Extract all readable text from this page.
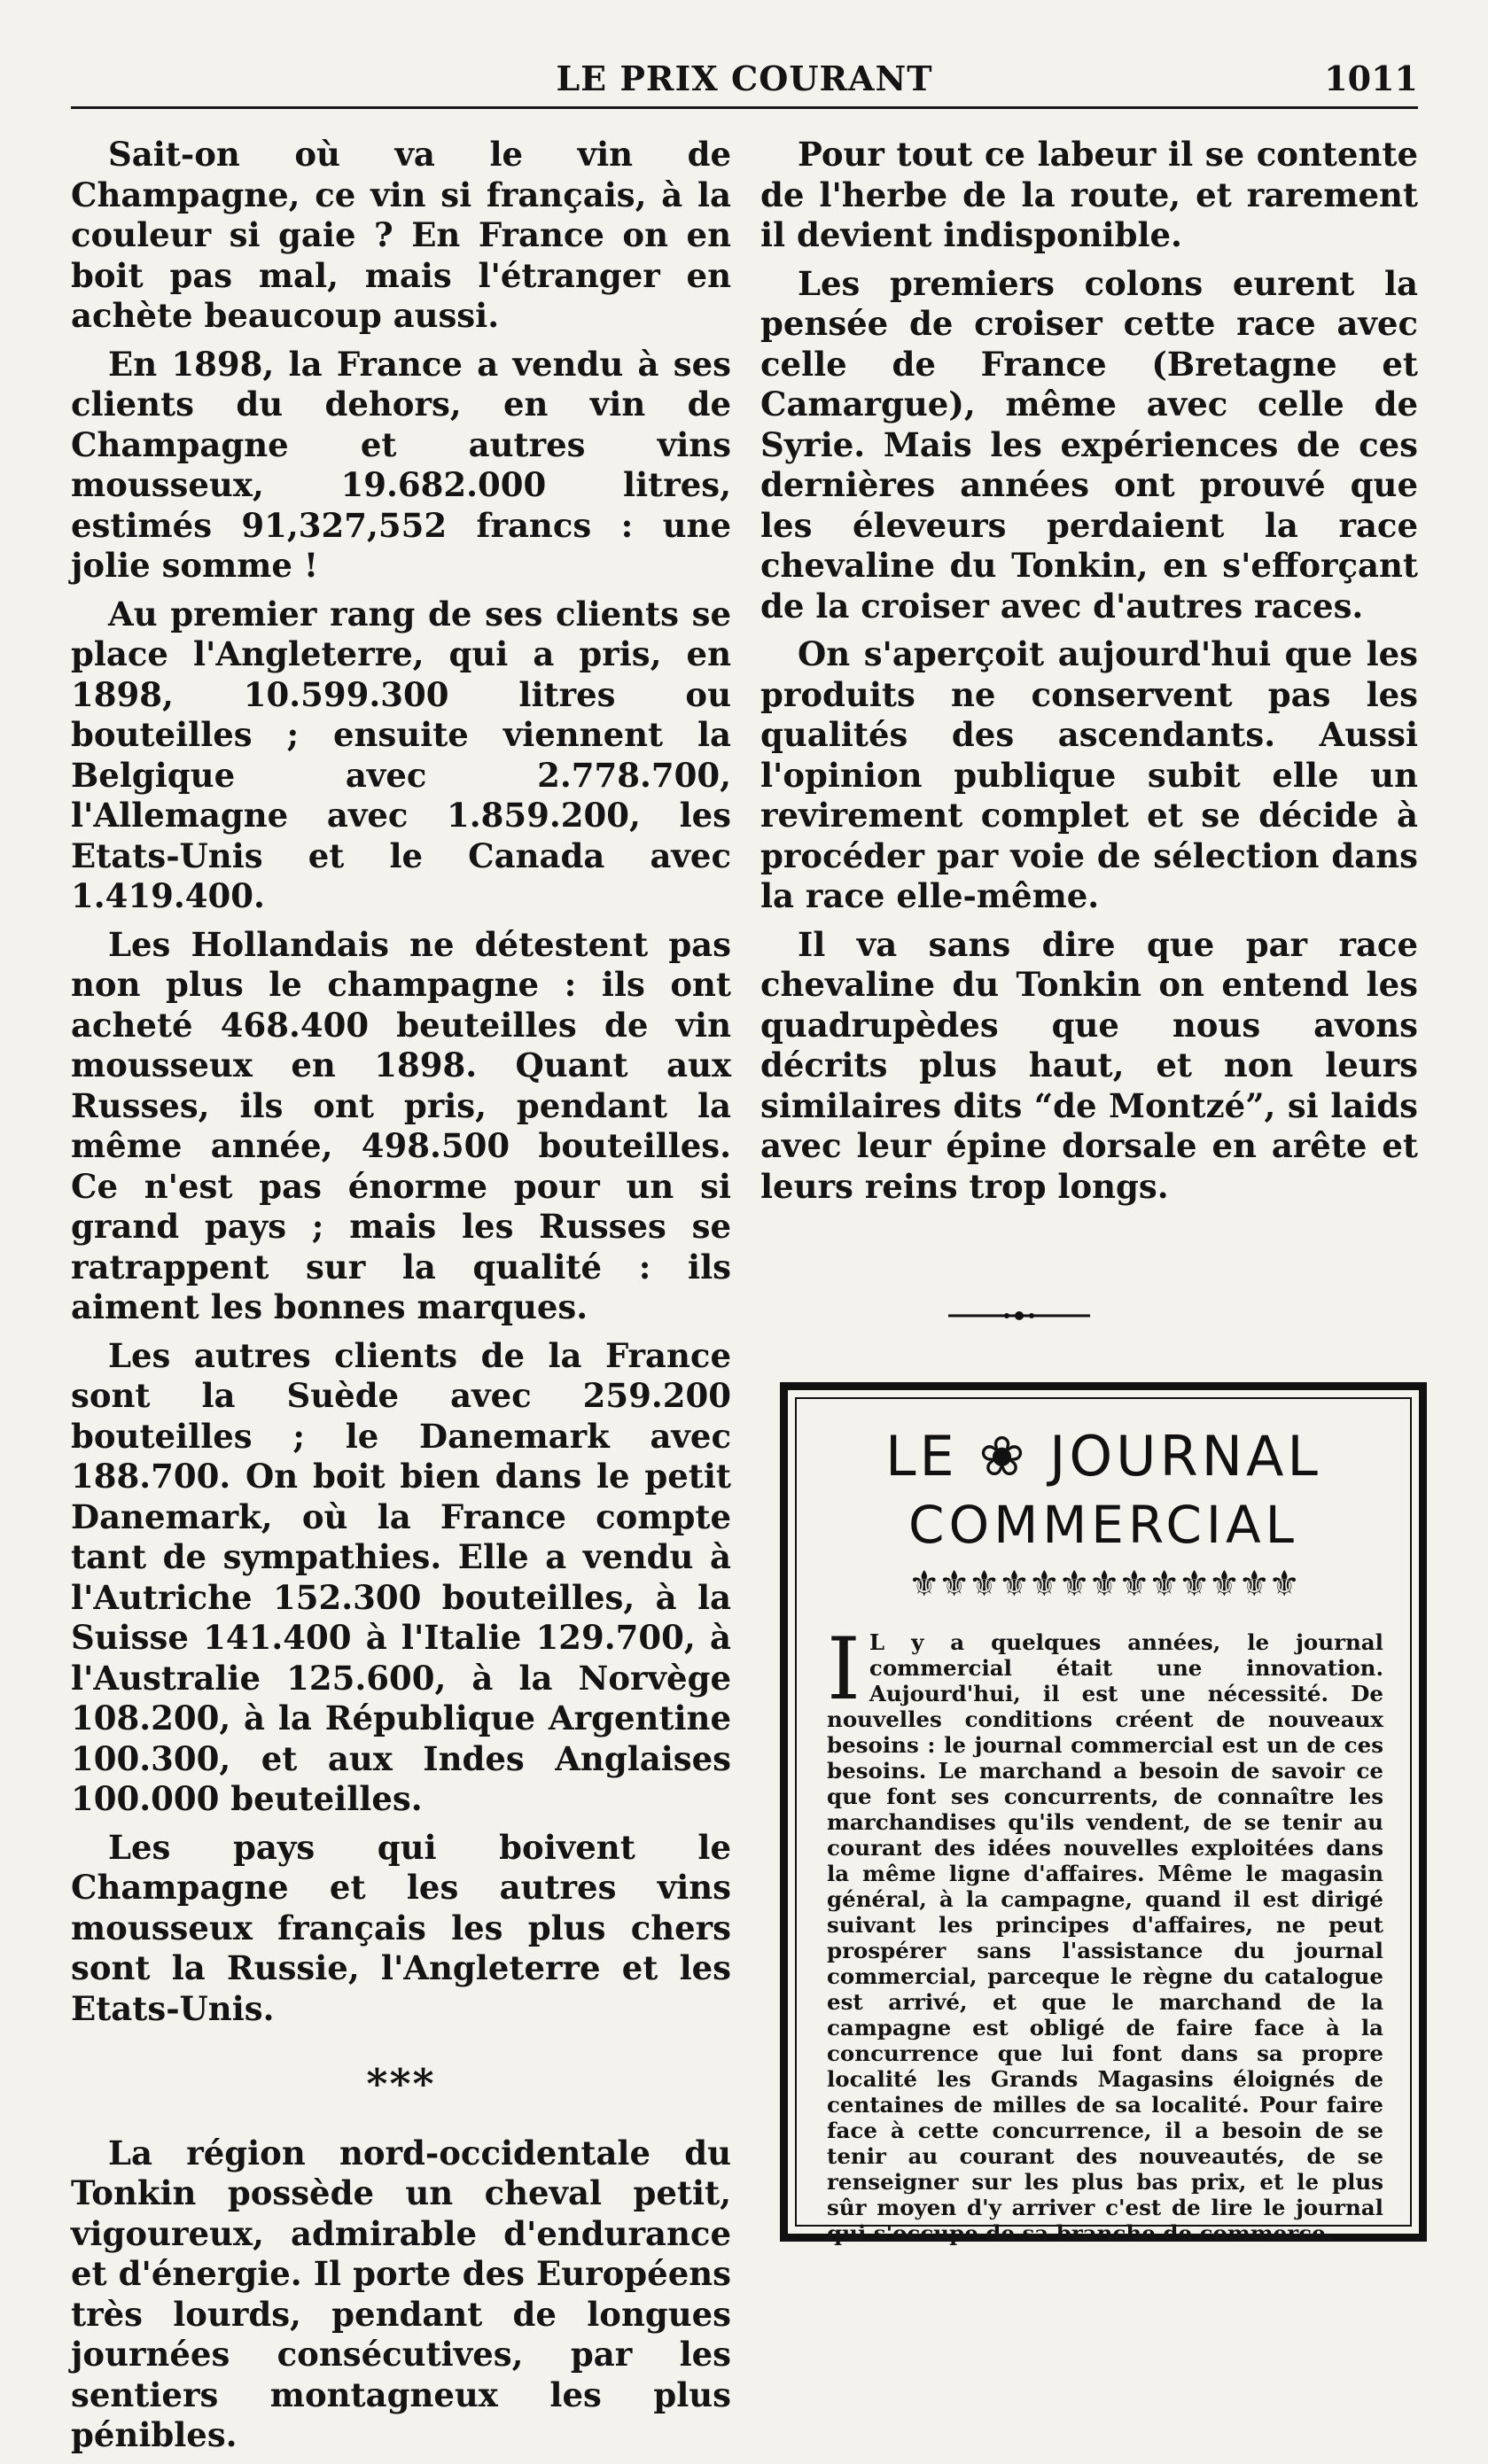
LE PRIX COURANT	1011

Sait-on où va le vin de Champagne, ce vin si français, à la couleur si gaie ? En France on en boit pas mal, mais l'étranger en achète beaucoup aussi.

En 1898, la France a vendu à ses clients du dehors, en vin de Champagne et autres vins mousseux, 19.682.000 litres, estimés 91,327,552 francs : une jolie somme !

Au premier rang de ses clients se place l'Angleterre, qui a pris, en 1898, 10.599.300 litres ou bouteilles ; ensuite viennent la Belgique avec 2.778.700, l'Allemagne avec 1.859.200, les Etats-Unis et le Canada avec 1.419.400.

Les Hollandais ne détestent pas non plus le champagne : ils ont acheté 468.400 beuteilles de vin mousseux en 1898. Quant aux Russes, ils ont pris, pendant la même année, 498.500 bouteilles. Ce n'est pas énorme pour un si grand pays ; mais les Russes se ratrappent sur la qualité : ils aiment les bonnes marques.

Les autres clients de la France sont la Suède avec 259.200 bouteilles ; le Danemark avec 188.700. On boit bien dans le petit Danemark, où la France compte tant de sympathies. Elle a vendu à l'Autriche 152.300 bouteilles, à la Suisse 141.400 à l'Italie 129.700, à l'Australie 125.600, à la Norvège 108.200, à la République Argentine 100.300, et aux Indes Anglaises 100.000 beuteilles.

Les pays qui boivent le Champagne et les autres vins mousseux français les plus chers sont la Russie, l'Angleterre et les Etats-Unis.

***

La région nord-occidentale du Tonkin possède un cheval petit, vigoureux, admirable d'endurance et d'énergie. Il porte des Européens très lourds, pendant de longues journées consécutives, par les sentiers montagneux les plus pénibles.

Pour tout ce labeur il se contente de l'herbe de la route, et rarement il devient indisponible.

Les premiers colons eurent la pensée de croiser cette race avec celle de France (Bretagne et Camargue), même avec celle de Syrie. Mais les expériences de ces dernières années ont prouvé que les éleveurs perdaient la race chevaline du Tonkin, en s'efforçant de la croiser avec d'autres races.

On s'aperçoit aujourd'hui que les produits ne conservent pas les qualités des ascendants. Aussi l'opinion publique subit elle un revirement complet et se décide à procéder par voie de sélection dans la race elle-même.

Il va sans dire que par race chevaline du Tonkin on entend les quadrupèdes que nous avons décrits plus haut, et non leurs similaires dits “de Montzé”, si laids avec leur épine dorsale en arête et leurs reins trop longs.

LE ❀ JOURNAL
COMMERCIAL
⚜⚜⚜⚜⚜⚜⚜⚜⚜⚜⚜⚜⚜
I L y a quelques années, le journal commercial était une innovation. Aujourd'hui, il est une nécessité. De nouvelles conditions créent de nouveaux besoins : le journal commercial est un de ces besoins. Le marchand a besoin de savoir ce que font ses concurrents, de connaître les marchandises qu'ils vendent, de se tenir au courant des idées nouvelles exploitées dans la même ligne d'affaires. Même le magasin général, à la campagne, quand il est dirigé suivant les principes d'affaires, ne peut prospérer sans l'assistance du journal commercial, parceque le règne du catalogue est arrivé, et que le marchand de la campagne est obligé de faire face à la concurrence que lui font dans sa propre localité les Grands Magasins éloignés de centaines de milles de sa localité. Pour faire face à cette concurrence, il a besoin de se tenir au courant des nouveautés, de se renseigner sur les plus bas prix, et le plus sûr moyen d'y arriver c'est de lire le journal qui s'occupe de sa branche de commerce.
